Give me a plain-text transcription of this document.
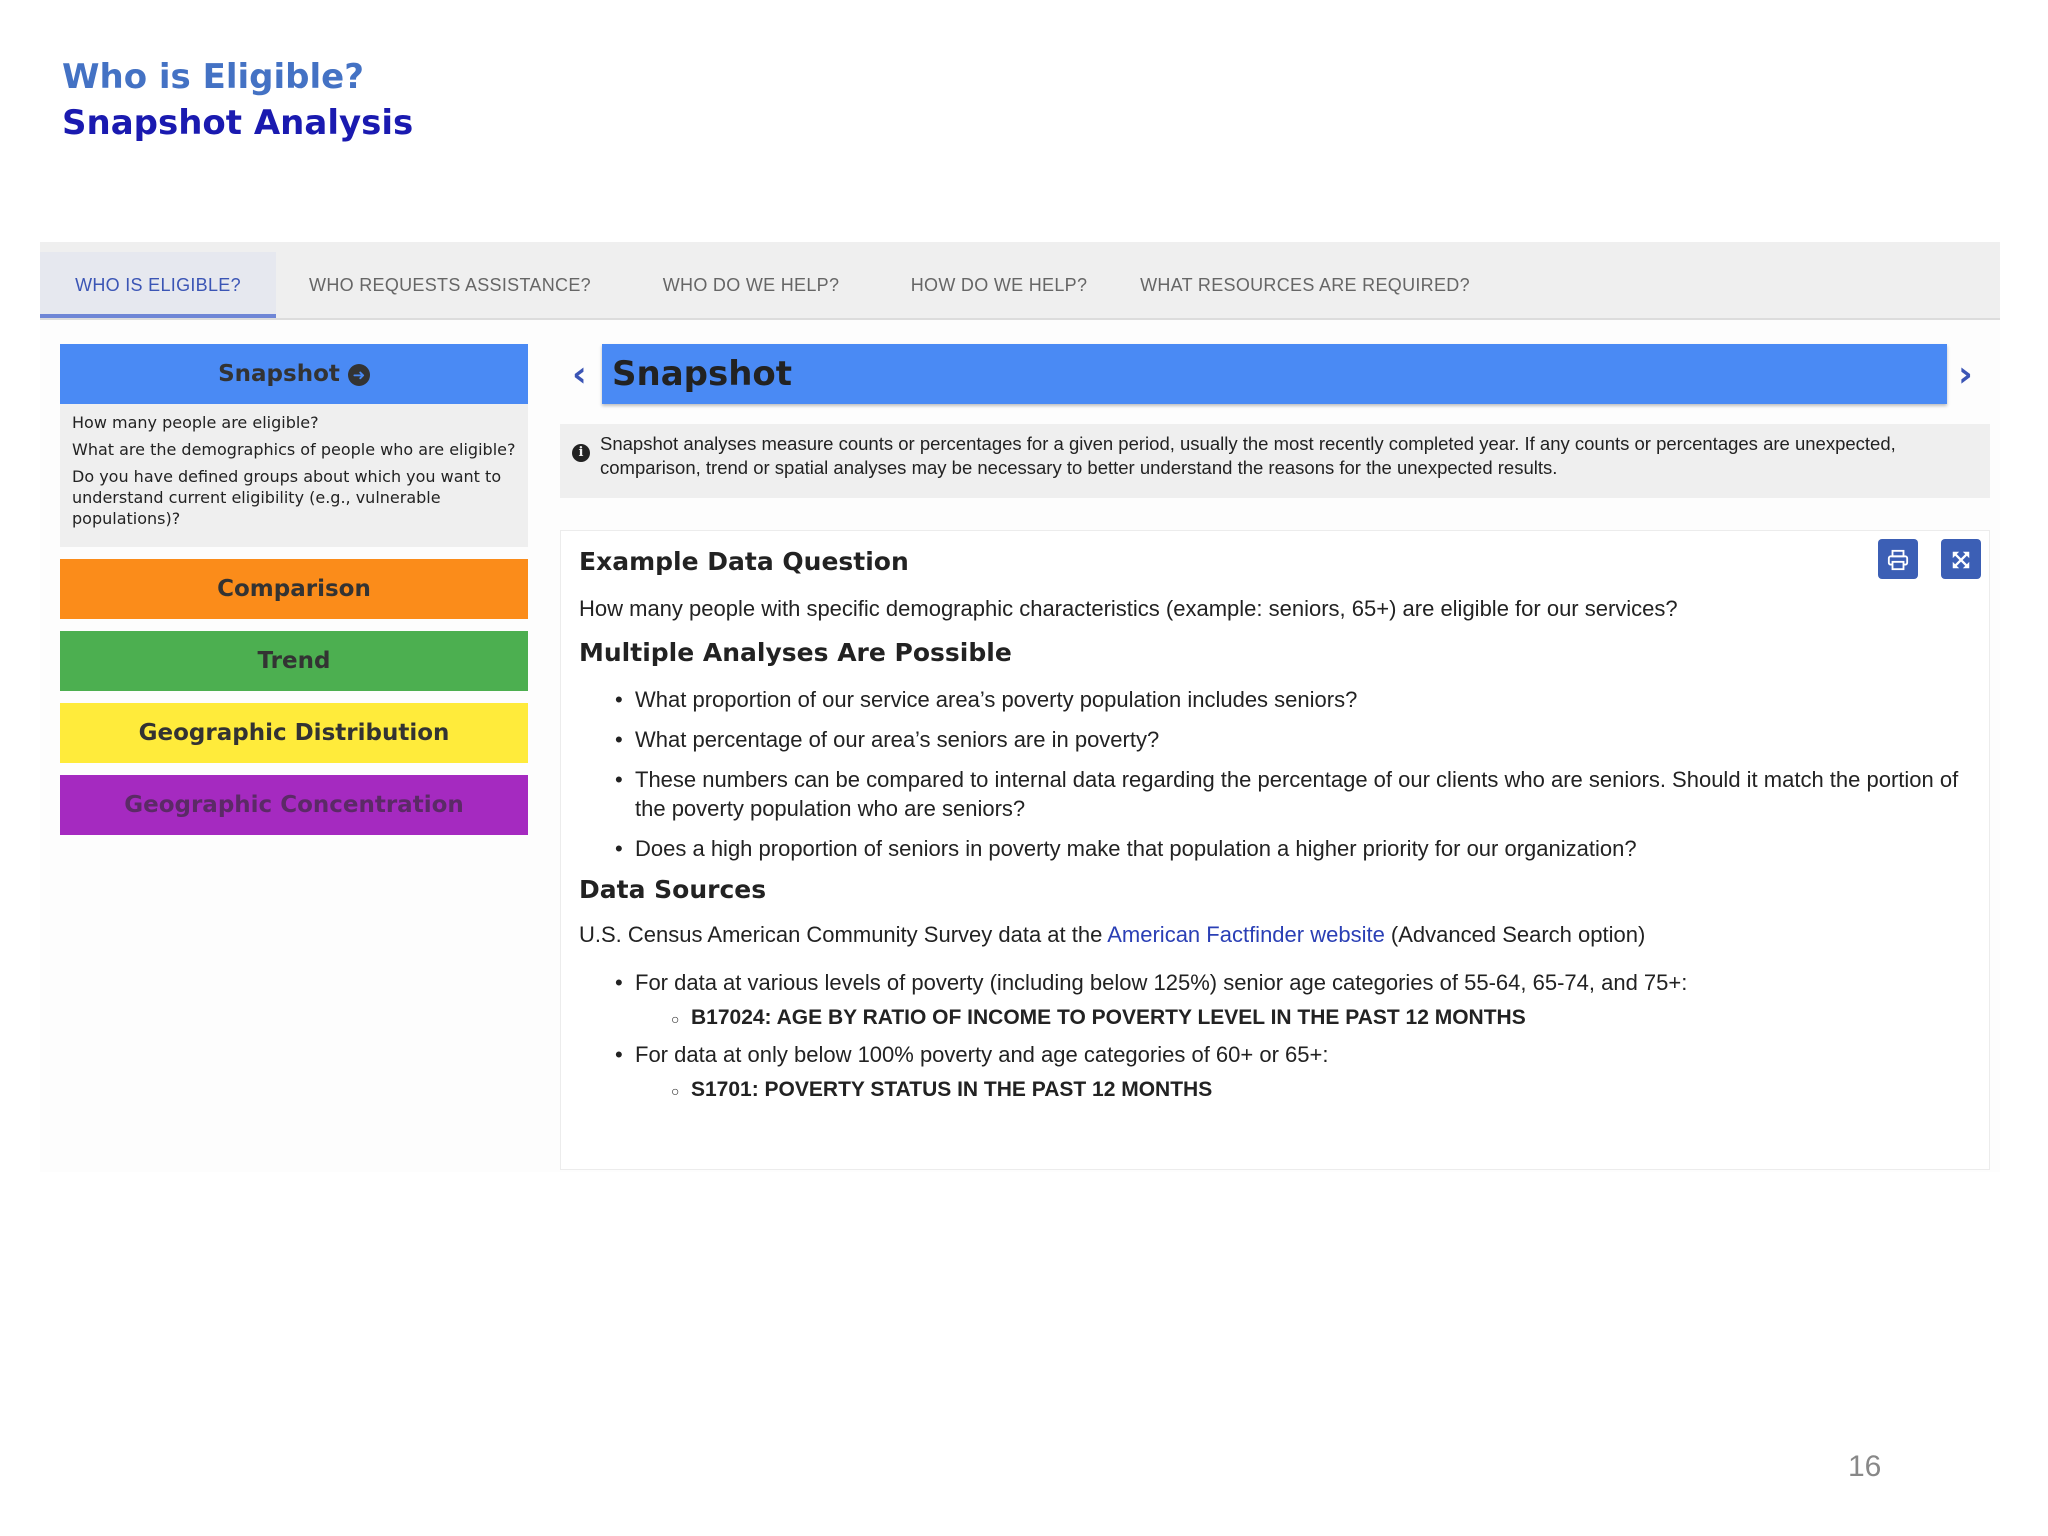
Who is Eligible?
Snapshot Analysis
WHO IS ELIGIBLE?	WHO REQUESTS ASSISTANCE?	WHO DO WE HELP?	HOW DO WE HELP?	WHAT RESOURCES ARE REQUIRED?
Snapshot ➜

How many people are eligible?

What are the demographics of people who are eligible?

Do you have defined groups about which you want to understand current eligibility (e.g., vulnerable populations)?

Comparison
Trend
Geographic Distribution
Geographic Concentration
‹ Snapshot	›
i Snapshot analyses measure counts or percentages for a given period, usually the most recently completed year. If any counts or percentages are unexpected, comparison, trend or spatial analyses may be necessary to better understand the reasons for the unexpected results.
Example Data Question
How many people with specific demographic characteristics (example: seniors, 65+) are eligible for our services?
Multiple Analyses Are Possible
• What proportion of our service area’s poverty population includes seniors?
• What percentage of our area’s seniors are in poverty?
• These numbers can be compared to internal data regarding the percentage of our clients who are seniors. Should it match the portion of the poverty population who are seniors?
• Does a high proportion of seniors in poverty make that population a higher priority for our organization?
Data Sources
U.S. Census American Community Survey data at the American Factfinder website (Advanced Search option)
• For data at various levels of poverty (including below 125%) senior age categories of 55-64, 65-74, and 75+:
○ B17024: AGE BY RATIO OF INCOME TO POVERTY LEVEL IN THE PAST 12 MONTHS
• For data at only below 100% poverty and age categories of 60+ or 65+:
○ S1701: POVERTY STATUS IN THE PAST 12 MONTHS
16
